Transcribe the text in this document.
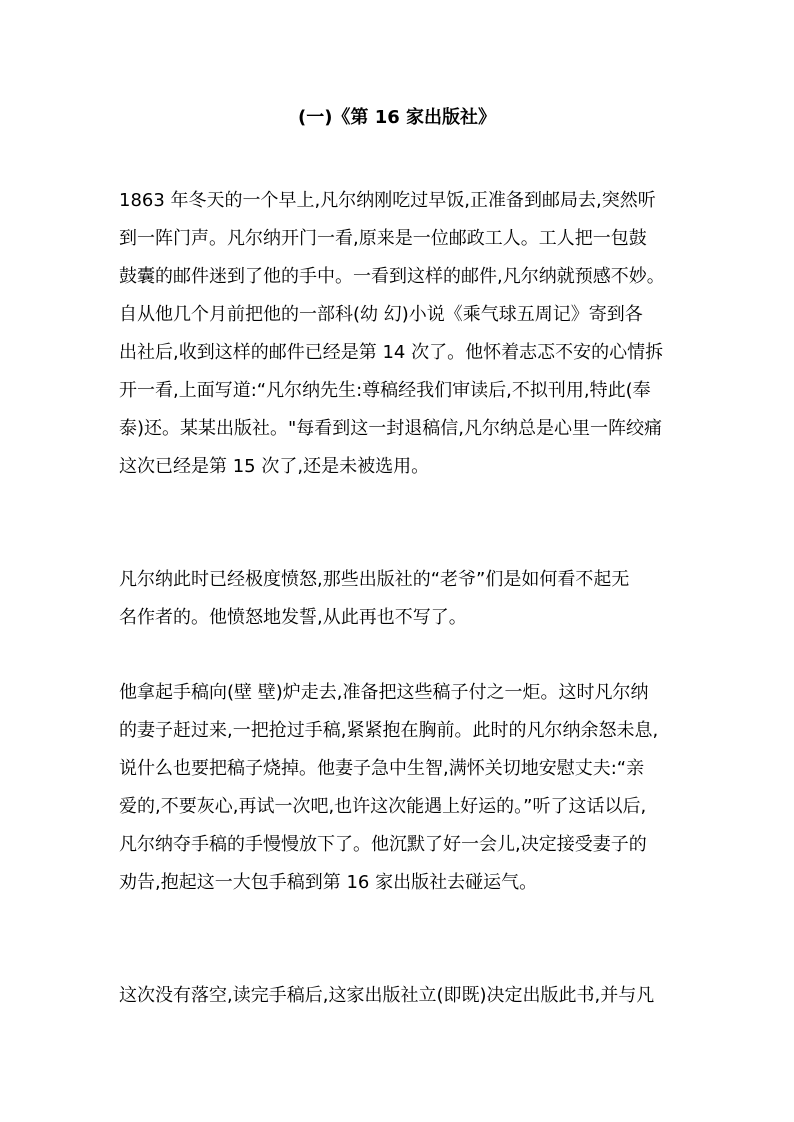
(一)《第 16 家出版社》
1863 年冬天的一个早上,凡尔纳刚吃过早饭,正准备到邮局去,突然听
到一阵门声。凡尔纳开门一看,原来是一位邮政工人。工人把一包鼓
鼓囊的邮件迷到了他的手中。一看到这样的邮件,凡尔纳就预感不妙。
自从他几个月前把他的一部科(幼 幻)小说《乘气球五周记》寄到各
出社后,收到这样的邮件已经是第 14 次了。他怀着志忑不安的心情拆
开一看,上面写道:“凡尔纳先生:尊稿经我们审读后,不拟刊用,特此(奉
泰)还。某某出版社。"每看到这一封退稿信,凡尔纳总是心里一阵绞痛
这次已经是第 15 次了,还是未被选用。
凡尔纳此时已经极度愤怒,那些出版社的“老爷”们是如何看不起无
名作者的。他愤怒地发誓,从此再也不写了。
他拿起手稿向(壁 壁)炉走去,准备把这些稿子付之一炬。这时凡尔纳
的妻子赶过来,一把抢过手稿,紧紧抱在胸前。此时的凡尔纳余怒未息,
说什么也要把稿子烧掉。他妻子急中生智,满怀关切地安慰丈夫:“亲
爱的,不要灰心,再试一次吧,也许这次能遇上好运的。”听了这话以后,
凡尔纳夺手稿的手慢慢放下了。他沉默了好一会儿,决定接受妻子的
劝告,抱起这一大包手稿到第 16 家出版社去碰运气。
这次没有落空,读完手稿后,这家出版社立(即既)决定出版此书,并与凡
